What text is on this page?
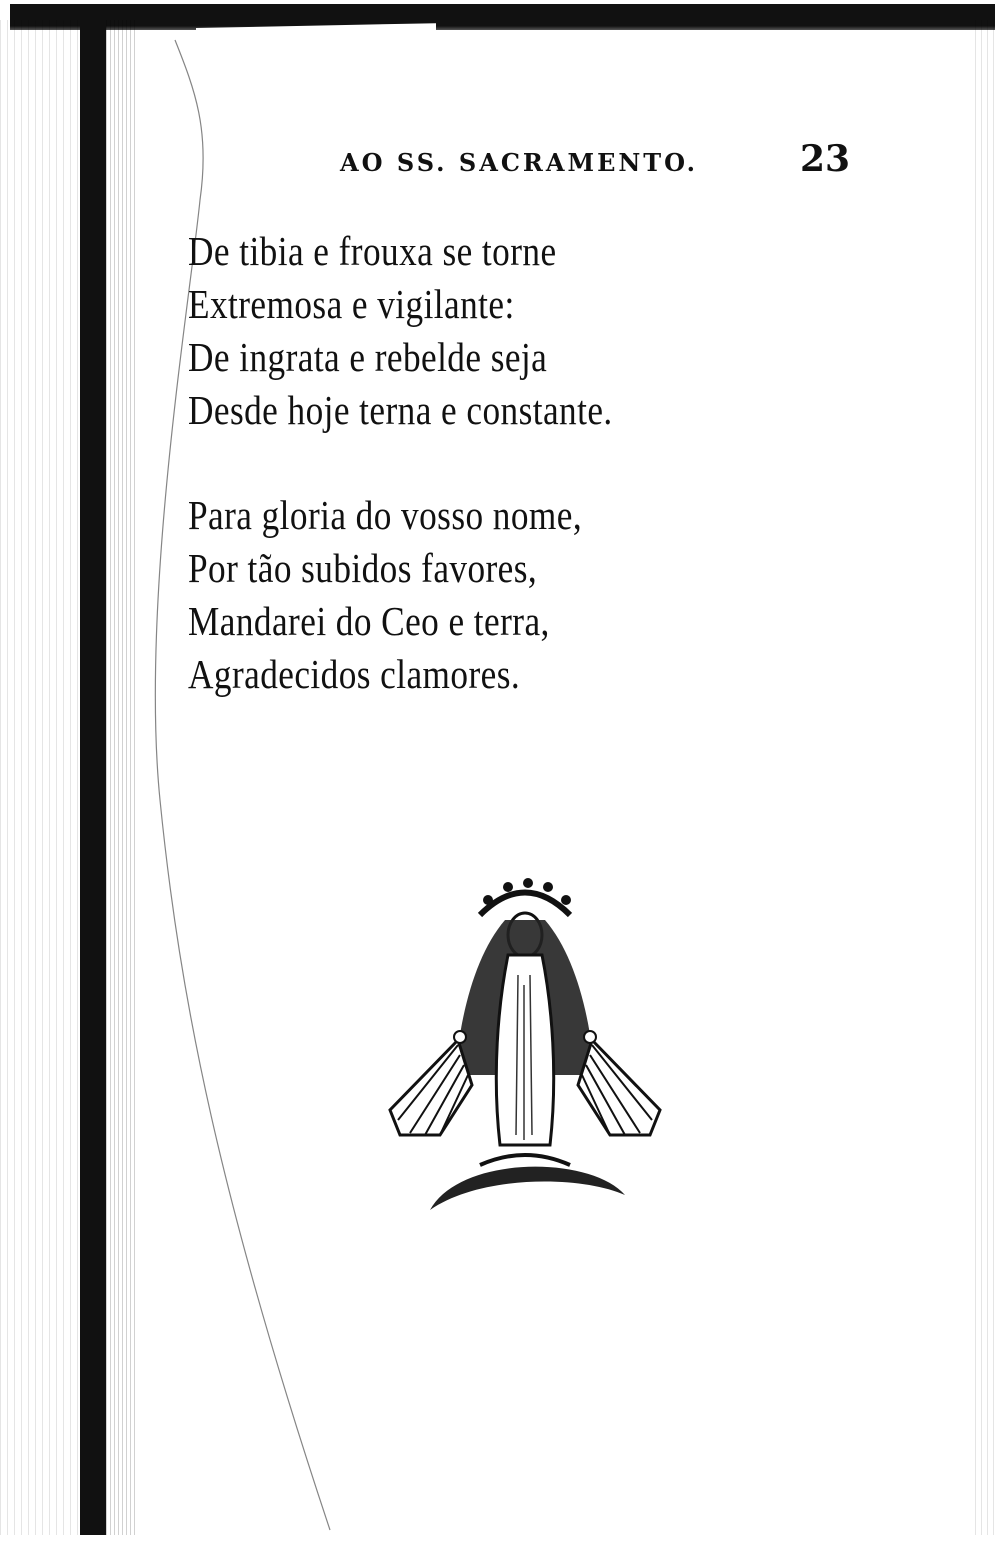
AO SS. SACRAMENTO.	23
De tibia e frouxa se torne
Extremosa e vigilante:
De ingrata e rebelde seja
Desde hoje terna e constante.
Para gloria do vosso nome,
Por tão subidos favores,
Mandarei do Ceo e terra,
Agradecidos clamores.
